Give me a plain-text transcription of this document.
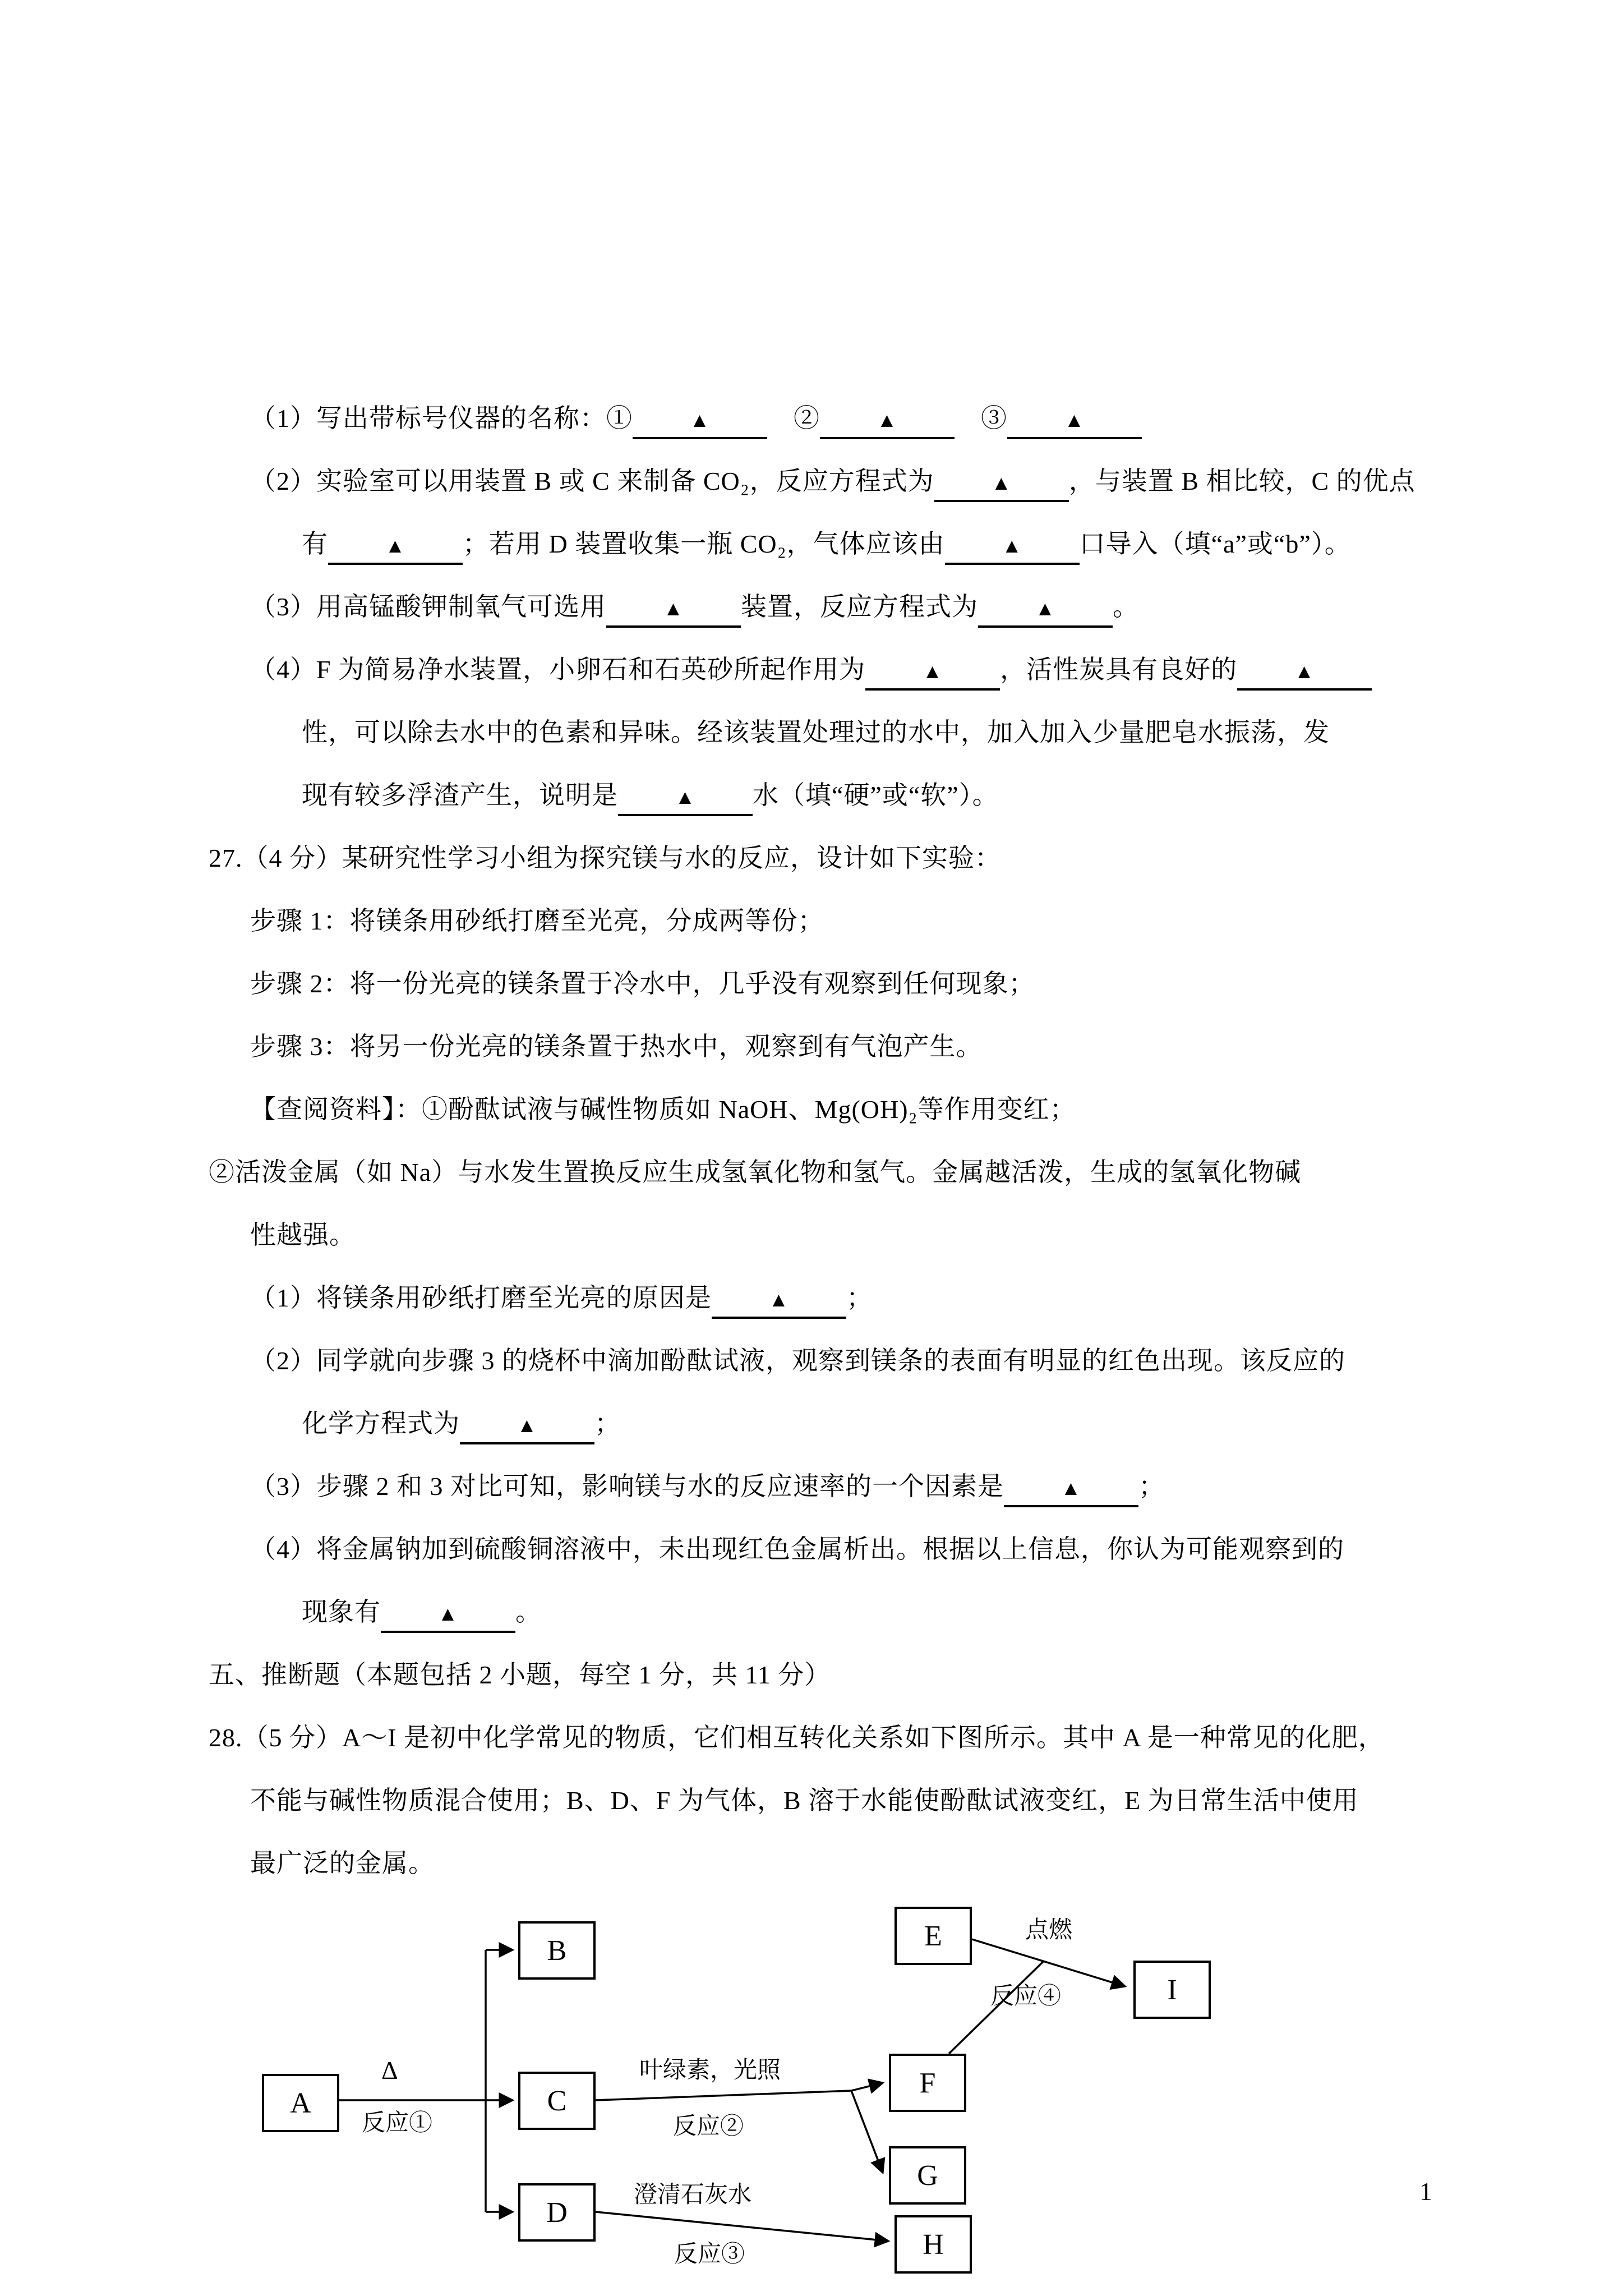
（1）写出带标号仪器的名称：①	▲　②	▲　③	▲
（2）实验室可以用装置 B 或 C 来制备 CO₂，反应方程式为	▲ ，与装置 B 相比较，C 的优点
有	▲ ；若用 D 装置收集一瓶 CO₂，气体应该由	▲ 口导入（填“a”或“b”）。
（3）用高锰酸钾制氧气可选用	▲ 装置，反应方程式为	▲ 。
（4）F 为简易净水装置，小卵石和石英砂所起作用为	▲ ，活性炭具有良好的	▲
性，可以除去水中的色素和异味。经该装置处理过的水中，加入加入少量肥皂水振荡，发
现有较多浮渣产生，说明是	▲ 水（填“硬”或“软”）。
27.（4 分）某研究性学习小组为探究镁与水的反应，设计如下实验：
步骤 1：将镁条用砂纸打磨至光亮，分成两等份；
步骤 2：将一份光亮的镁条置于冷水中，几乎没有观察到任何现象；
步骤 3：将另一份光亮的镁条置于热水中，观察到有气泡产生。
【查阅资料】：①酚酞试液与碱性物质如 NaOH、Mg(OH)₂等作用变红；
②活泼金属（如 Na）与水发生置换反应生成氢氧化物和氢气。金属越活泼，生成的氢氧化物碱
性越强。
（1）将镁条用砂纸打磨至光亮的原因是	▲ ；
（2）同学就向步骤 3 的烧杯中滴加酚酞试液，观察到镁条的表面有明显的红色出现。该反应的
化学方程式为	▲ ；
（3）步骤 2 和 3 对比可知，影响镁与水的反应速率的一个因素是	▲ ；
（4）将金属钠加到硫酸铜溶液中，未出现红色金属析出。根据以上信息，你认为可能观察到的
现象有	▲ 。
五、推断题（本题包括 2 小题，每空 1 分，共 11 分）
28.（5 分）A～I 是初中化学常见的物质，它们相互转化关系如下图所示。其中 A 是一种常见的化肥，
不能与碱性物质混合使用；B、D、F 为气体，B 溶于水能使酚酞试液变红，E 为日常生活中使用
最广泛的金属。
A
B
C
D
E
F
G
H
I
Δ
反应①
叶绿素，光照
反应②
澄清石灰水
反应③
点燃
反应④
1
